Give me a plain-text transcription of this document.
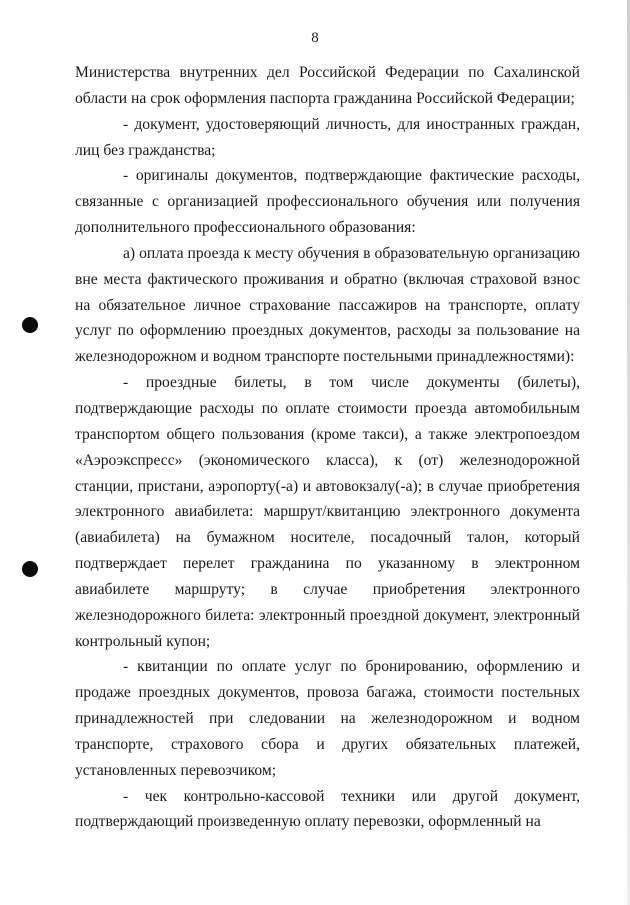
8

Министерства внутренних дел Российской Федерации по Сахалинской области на срок оформления паспорта гражданина Российской Федерации;

- документ, удостоверяющий личность, для иностранных граждан, лиц без гражданства;

- оригиналы документов, подтверждающие фактические расходы, связанные с организацией профессионального обучения или получения дополнительного профессионального образования:

а) оплата проезда к месту обучения в образовательную организацию вне места фактического проживания и обратно (включая страховой взнос на обязательное личное страхование пассажиров на транспорте, оплату услуг по оформлению проездных документов, расходы за пользование на железнодорожном и водном транспорте постельными принадлежностями):

- проездные билеты, в том числе документы (билеты), подтверждающие расходы по оплате стоимости проезда автомобильным транспортом общего пользования (кроме такси), а также электропоездом «Аэроэкспресс» (экономического класса), к (от) железнодорожной станции, пристани, аэропорту(-а) и автовокзалу(-а); в случае приобретения электронного авиабилета: маршрут/квитанцию электронного документа (авиабилета) на бумажном носителе, посадочный талон, который подтверждает перелет гражданина по указанному в электронном авиабилете маршруту; в случае приобретения электронного железнодорожного билета: электронный проездной документ, электронный контрольный купон;

- квитанции по оплате услуг по бронированию, оформлению и продаже проездных документов, провоза багажа, стоимости постельных принадлежностей при следовании на железнодорожном и водном транспорте, страхового сбора и других обязательных платежей, установленных перевозчиком;

- чек контрольно-кассовой техники или другой документ, подтверждающий произведенную оплату перевозки, оформленный на
